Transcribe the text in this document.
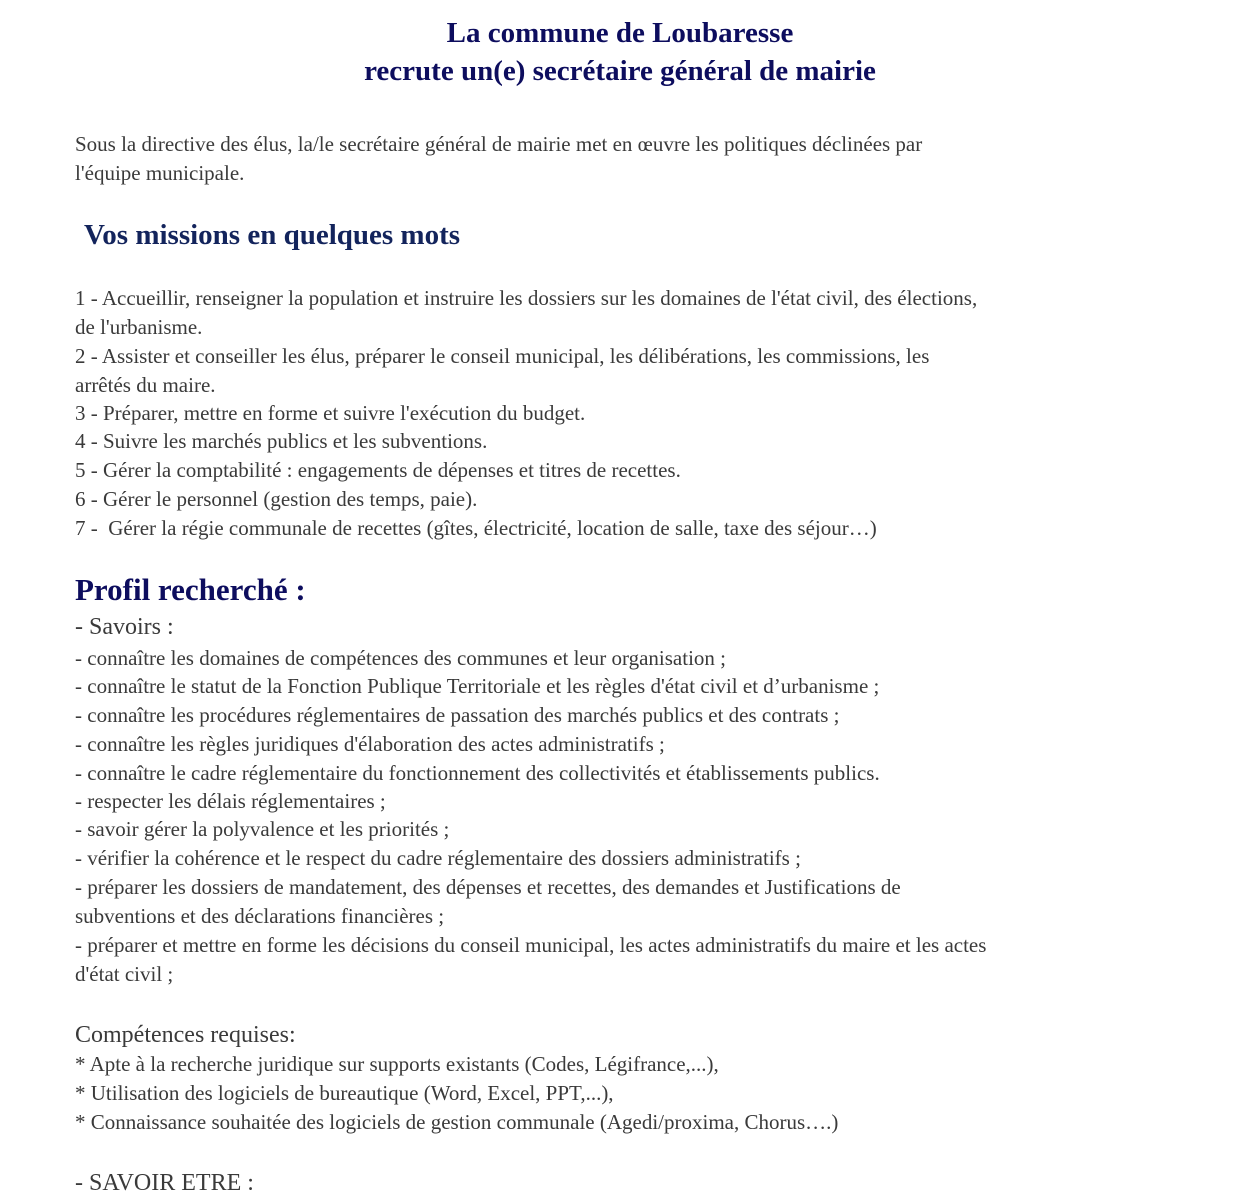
La commune de Loubaresse
recrute un(e) secrétaire général de mairie
Sous la directive des élus, la/le secrétaire général de mairie met en œuvre les politiques déclinées par
l'équipe municipale.
Vos missions en quelques mots
1 - Accueillir, renseigner la population et instruire les dossiers sur les domaines de l'état civil, des élections,
de l'urbanisme.
2 - Assister et conseiller les élus, préparer le conseil municipal, les délibérations, les commissions, les
arrêtés du maire.
3 - Préparer, mettre en forme et suivre l'exécution du budget.
4 - Suivre les marchés publics et les subventions.
5 - Gérer la comptabilité : engagements de dépenses et titres de recettes.
6 - Gérer le personnel (gestion des temps, paie).
7 -  Gérer la régie communale de recettes (gîtes, électricité, location de salle, taxe des séjour…)
Profil recherché :
- Savoirs :
- connaître les domaines de compétences des communes et leur organisation ;
- connaître le statut de la Fonction Publique Territoriale et les règles d'état civil et d’urbanisme ;
- connaître les procédures réglementaires de passation des marchés publics et des contrats ;
- connaître les règles juridiques d'élaboration des actes administratifs ;
- connaître le cadre réglementaire du fonctionnement des collectivités et établissements publics.
- respecter les délais réglementaires ;
- savoir gérer la polyvalence et les priorités ;
- vérifier la cohérence et le respect du cadre réglementaire des dossiers administratifs ;
- préparer les dossiers de mandatement, des dépenses et recettes, des demandes et Justifications de
subventions et des déclarations financières ;
- préparer et mettre en forme les décisions du conseil municipal, les actes administratifs du maire et les actes
d'état civil ;
Compétences requises:
* Apte à la recherche juridique sur supports existants (Codes, Légifrance,...),
* Utilisation des logiciels de bureautique (Word, Excel, PPT,...),
* Connaissance souhaitée des logiciels de gestion communale (Agedi/proxima, Chorus….)
- SAVOIR ETRE :
